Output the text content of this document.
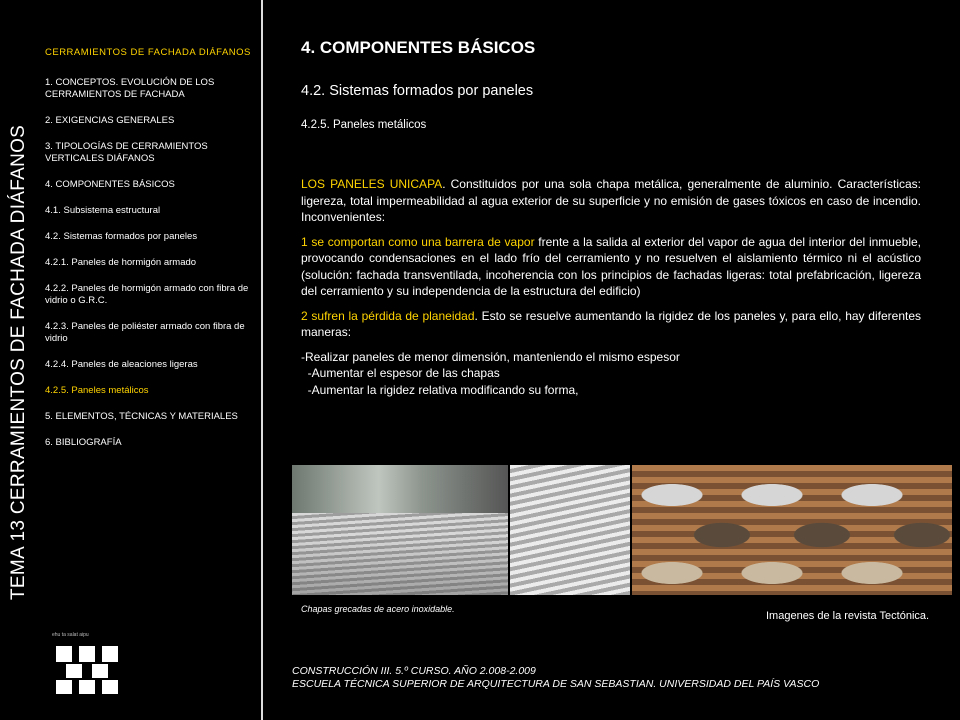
TEMA 13 CERRAMIENTOS DE FACHADA DIÁFANOS
CERRAMIENTOS DE FACHADA DIÁFANOS
1. CONCEPTOS. EVOLUCIÓN DE LOS CERRAMIENTOS DE FACHADA
2. EXIGENCIAS GENERALES
3. TIPOLOGÍAS DE CERRAMIENTOS VERTICALES DIÁFANOS
4. COMPONENTES BÁSICOS
4.1. Subsistema estructural
4.2. Sistemas formados por paneles
4.2.1. Paneles de hormigón armado
4.2.2. Paneles de hormigón armado con fibra de vidrio o G.R.C.
4.2.3. Paneles de poliéster armado con fibra de vidrio
4.2.4. Paneles de aleaciones ligeras
4.2.5. Paneles metálicos
5. ELEMENTOS, TÉCNICAS Y MATERIALES
6. BIBLIOGRAFÍA
4. COMPONENTES BÁSICOS
4.2. Sistemas formados por paneles
4.2.5. Paneles metálicos

LOS PANELES UNICAPA. Constituidos por una sola chapa metálica, generalmente de aluminio. Características: ligereza, total impermeabilidad al agua exterior de su superficie y no emisión de gases tóxicos en caso de incendio. Inconvenientes:

1 se comportan como una barrera de vapor frente a la salida al exterior del vapor de agua del interior del inmueble, provocando condensaciones en el lado frío del cerramiento y no resuelven el aislamiento térmico ni el acústico (solución: fachada transventilada, incoherencia con los principios de fachadas ligeras: total prefabricación, ligereza del cerramiento y su independencia de la estructura del edificio)

2 sufren la pérdida de planeidad. Esto se resuelve aumentando la rigidez de los paneles y, para ello, hay diferentes maneras:

-Realizar paneles de menor dimensión, manteniendo el mismo espesor
-Aumentar el espesor de las chapas
-Aumentar la rigidez relativa modificando su forma,
Chapas grecadas de acero inoxidable.
Imagenes de la revista Tectónica.
ehu ta salat aipu
CONSTRUCCIÓN III. 5.º CURSO. AÑO 2.008-2.009
ESCUELA TÉCNICA SUPERIOR DE ARQUITECTURA DE SAN SEBASTIAN. UNIVERSIDAD DEL PAÍS VASCO
